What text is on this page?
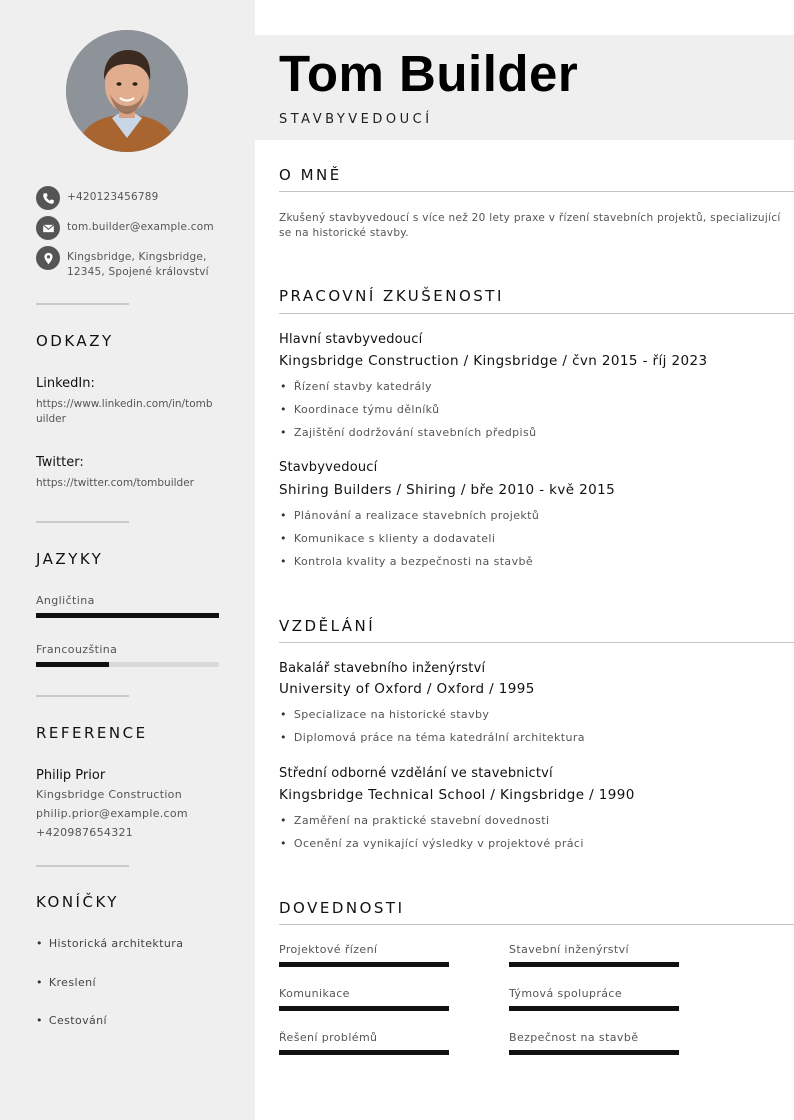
+420123456789
tom.builder@example.com
Kingsbridge, Kingsbridge,
12345, Spojené království
ODKAZY
LinkedIn:
https://www.linkedin.com/in/tombuilder
Twitter:
https://twitter.com/tombuilder
JAZYKY
Angličtina
Francouzština
REFERENCE
Philip Prior
Kingsbridge Construction
philip.prior@example.com
+420987654321
KONÍČKY
• Historická architektura
• Kreslení
• Cestování
Tom Builder
STAVBYVEDOUCÍ
O MNĚ
Zkušený stavbyvedoucí s více než 20 lety praxe v řízení stavebních projektů, specializující se na historické stavby.
PRACOVNÍ ZKUŠENOSTI
Hlavní stavbyvedoucí
Kingsbridge Construction / Kingsbridge / čvn 2015 - říj 2023
• Řízení stavby katedrály
• Koordinace týmu dělníků
• Zajištění dodržování stavebních předpisů
Stavbyvedoucí
Shiring Builders / Shiring / bře 2010 - kvě 2015
• Plánování a realizace stavebních projektů
• Komunikace s klienty a dodavateli
• Kontrola kvality a bezpečnosti na stavbě
VZDĚLÁNÍ
Bakalář stavebního inženýrství
University of Oxford / Oxford / 1995
• Specializace na historické stavby
• Diplomová práce na téma katedrální architektura
Střední odborné vzdělání ve stavebnictví
Kingsbridge Technical School / Kingsbridge / 1990
• Zaměření na praktické stavební dovednosti
• Ocenění za vynikající výsledky v projektové práci
DOVEDNOSTI
Projektové řízení	Stavební inženýrství
Komunikace	Týmová spolupráce
Řešení problémů	Bezpečnost na stavbě
